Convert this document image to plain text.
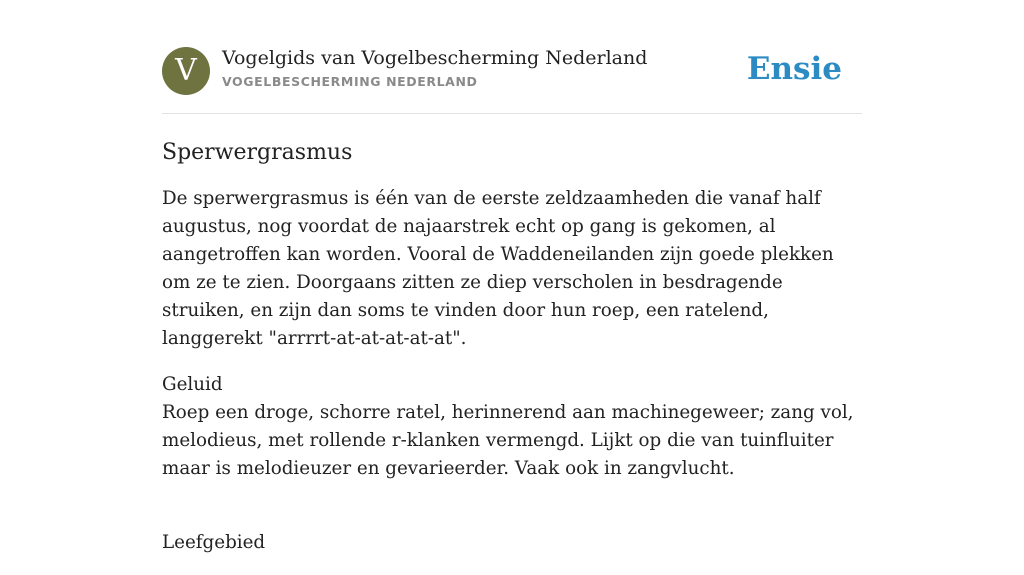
V	Vogelgids van Vogelbescherming Nederland
VOGELBESCHERMING NEDERLAND	Ensie
Sperwergrasmus

De sperwergrasmus is één van de eerste zeldzaamheden die vanaf half augustus, nog voordat de najaarstrek echt op gang is gekomen, al aangetroffen kan worden. Vooral de Waddeneilanden zijn goede plekken om ze te zien. Doorgaans zitten ze diep verscholen in besdragende struiken, en zijn dan soms te vinden door hun roep, een ratelend, langgerekt "arrrrt-at-at-at-at-at".

Geluid
Roep een droge, schorre ratel, herinnerend aan machinegeweer; zang vol, melodieus, met rollende r-klanken vermengd. Lijkt op die van tuinfluiter maar is melodieuzer en gevarieerder. Vaak ook in zangvlucht.

Leefgebied
